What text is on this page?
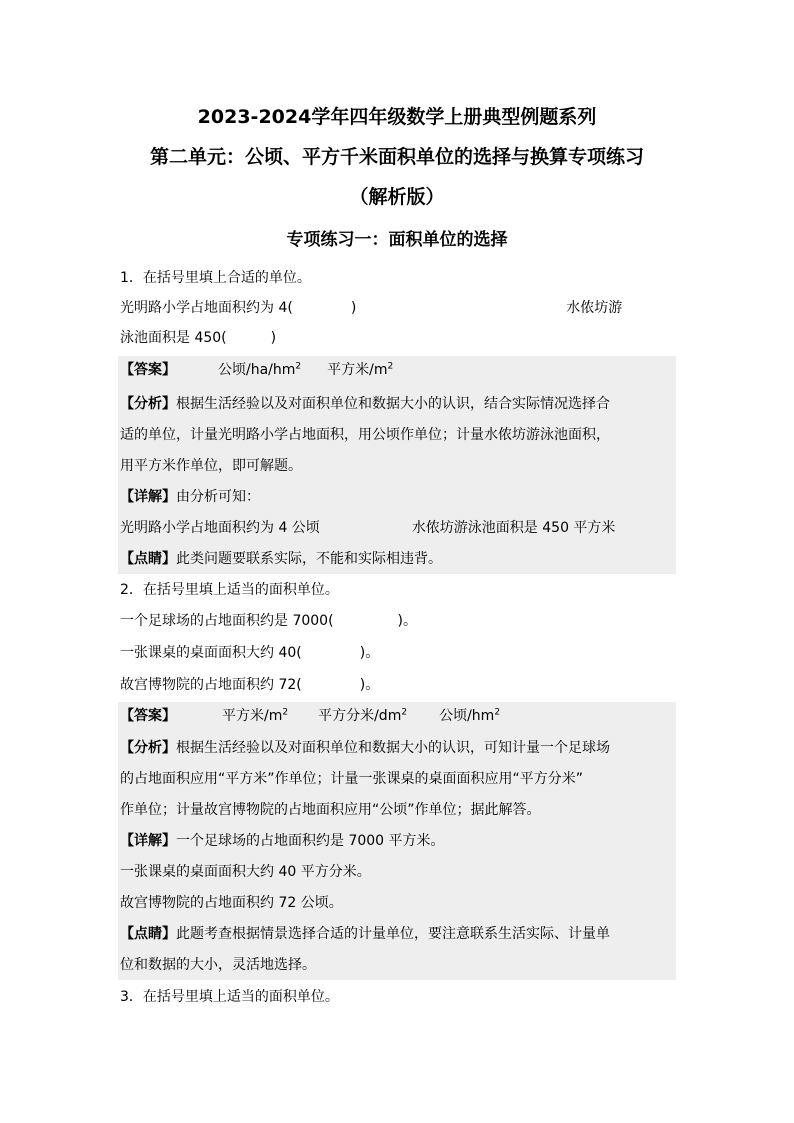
2023-2024学年四年级数学上册典型例题系列
第二单元：公顷、平方千米面积单位的选择与换算专项练习
（解析版）
专项练习一：面积单位的选择
1．在括号里填上合适的单位。
光明路小学占地面积约为 4(	)	水侬坊游
泳池面积是 450(	)
【答案】	公顷$/ha/hm^2$ 平方米$/m^2$
【分析】根据生活经验以及对面积单位和数据大小的认识，结合实际情况选择合
适的单位，计量光明路小学占地面积，用公顷作单位；计量水侬坊游泳池面积，
用平方米作单位，即可解题。
【详解】由分析可知：
光明路小学占地面积约为 4 公顷	水侬坊游泳池面积是 450 平方米
【点睛】此类问题要联系实际，不能和实际相违背。
2．在括号里填上适当的面积单位。
一个足球场的占地面积约是 7000(	)。
一张课桌的桌面面积大约 40(	)。
故宫博物院的占地面积约 72(	)。
【答案】	平方米$/m^2$ 平方分米$/dm^2$ 公顷$/hm^2$
【分析】根据生活经验以及对面积单位和数据大小的认识，可知计量一个足球场
的占地面积应用“平方米”作单位；计量一张课桌的桌面面积应用“平方分米”
作单位；计量故宫博物院的占地面积应用“公顷”作单位；据此解答。
【详解】一个足球场的占地面积约是 7000 平方米。
一张课桌的桌面面积大约 40 平方分米。
故宫博物院的占地面积约 72 公顷。
【点睛】此题考查根据情景选择合适的计量单位，要注意联系生活实际、计量单
位和数据的大小，灵活地选择。
3．在括号里填上适当的面积单位。
